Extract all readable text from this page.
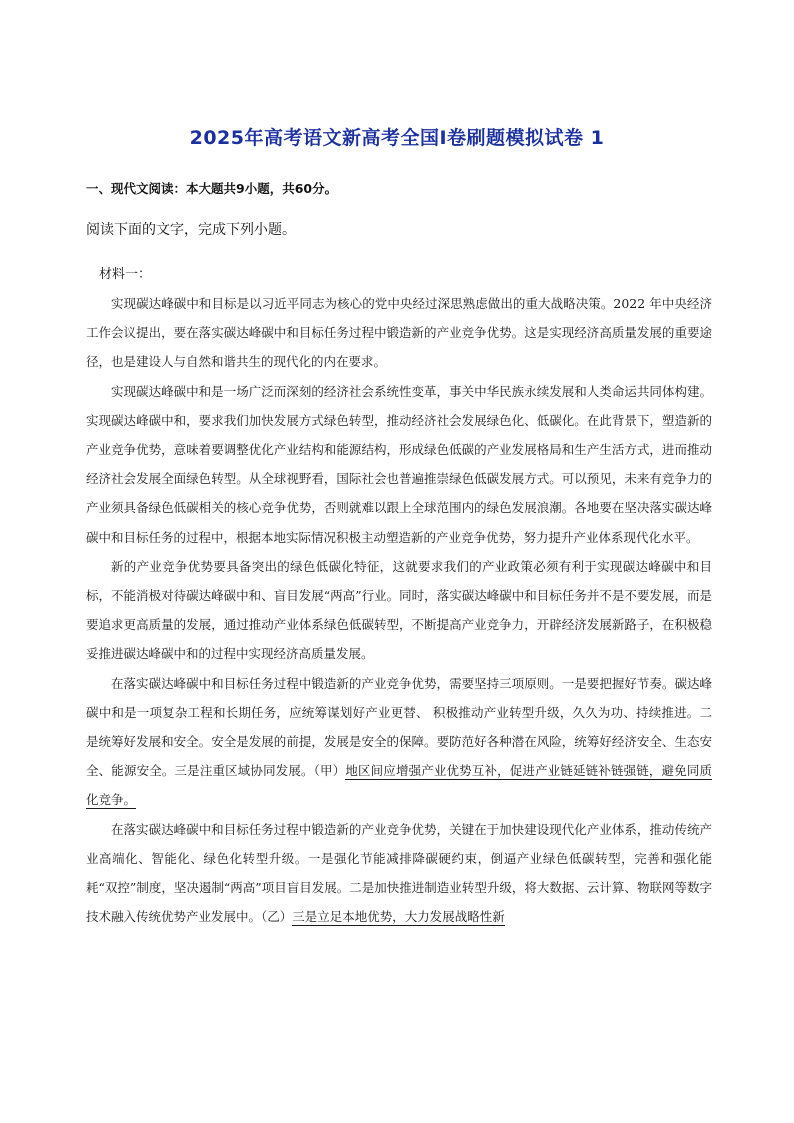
2025年高考语文新高考全国Ⅰ卷刷题模拟试卷 1
一、现代文阅读：本大题共9小题，共60分。
阅读下面的文字，完成下列小题。
材料一：

实现碳达峰碳中和目标是以习近平同志为核心的党中央经过深思熟虑做出的重大战略决策。2022 年中央经济工作会议提出，要在落实碳达峰碳中和目标任务过程中锻造新的产业竞争优势。这是实现经济高质量发展的重要途径，也是建设人与自然和谐共生的现代化的内在要求。

实现碳达峰碳中和是一场广泛而深刻的经济社会系统性变革，事关中华民族永续发展和人类命运共同体构建。实现碳达峰碳中和，要求我们加快发展方式绿色转型，推动经济社会发展绿色化、低碳化。在此背景下，塑造新的产业竞争优势，意味着要调整优化产业结构和能源结构，形成绿色低碳的产业发展格局和生产生活方式，进而推动经济社会发展全面绿色转型。从全球视野看，国际社会也普遍推崇绿色低碳发展方式。可以预见，未来有竞争力的产业须具备绿色低碳相关的核心竞争优势，否则就难以跟上全球范围内的绿色发展浪潮。各地要在坚决落实碳达峰碳中和目标任务的过程中，根据本地实际情况积极主动塑造新的产业竞争优势，努力提升产业体系现代化水平。

新的产业竞争优势要具备突出的绿色低碳化特征，这就要求我们的产业政策必须有利于实现碳达峰碳中和目标，不能消极对待碳达峰碳中和、盲目发展“两高”行业。同时，落实碳达峰碳中和目标任务并不是不要发展，而是要追求更高质量的发展，通过推动产业体系绿色低碳转型，不断提高产业竞争力，开辟经济发展新路子，在积极稳妥推进碳达峰碳中和的过程中实现经济高质量发展。

在落实碳达峰碳中和目标任务过程中锻造新的产业竞争优势，需要坚持三项原则。一是要把握好节奏。碳达峰碳中和是一项复杂工程和长期任务，应统筹谋划好产业更替、 积极推动产业转型升级，久久为功、持续推进。二是统筹好发展和安全。安全是发展的前提，发展是安全的保障。要防范好各种潜在风险，统筹好经济安全、生态安全、能源安全。三是注重区域协同发展。（甲）地区间应增强产业优势互补，促进产业链延链补链强链，避免同质化竞争。

在落实碳达峰碳中和目标任务过程中锻造新的产业竞争优势，关键在于加快建设现代化产业体系，推动传统产业高端化、智能化、绿色化转型升级。一是强化节能减排降碳硬约束，倒逼产业绿色低碳转型，完善和强化能耗“双控”制度，坚决遏制“两高”项目盲目发展。二是加快推进制造业转型升级，将大数据、云计算、物联网等数字技术融入传统优势产业发展中。（乙）三是立足本地优势，大力发展战略性新
